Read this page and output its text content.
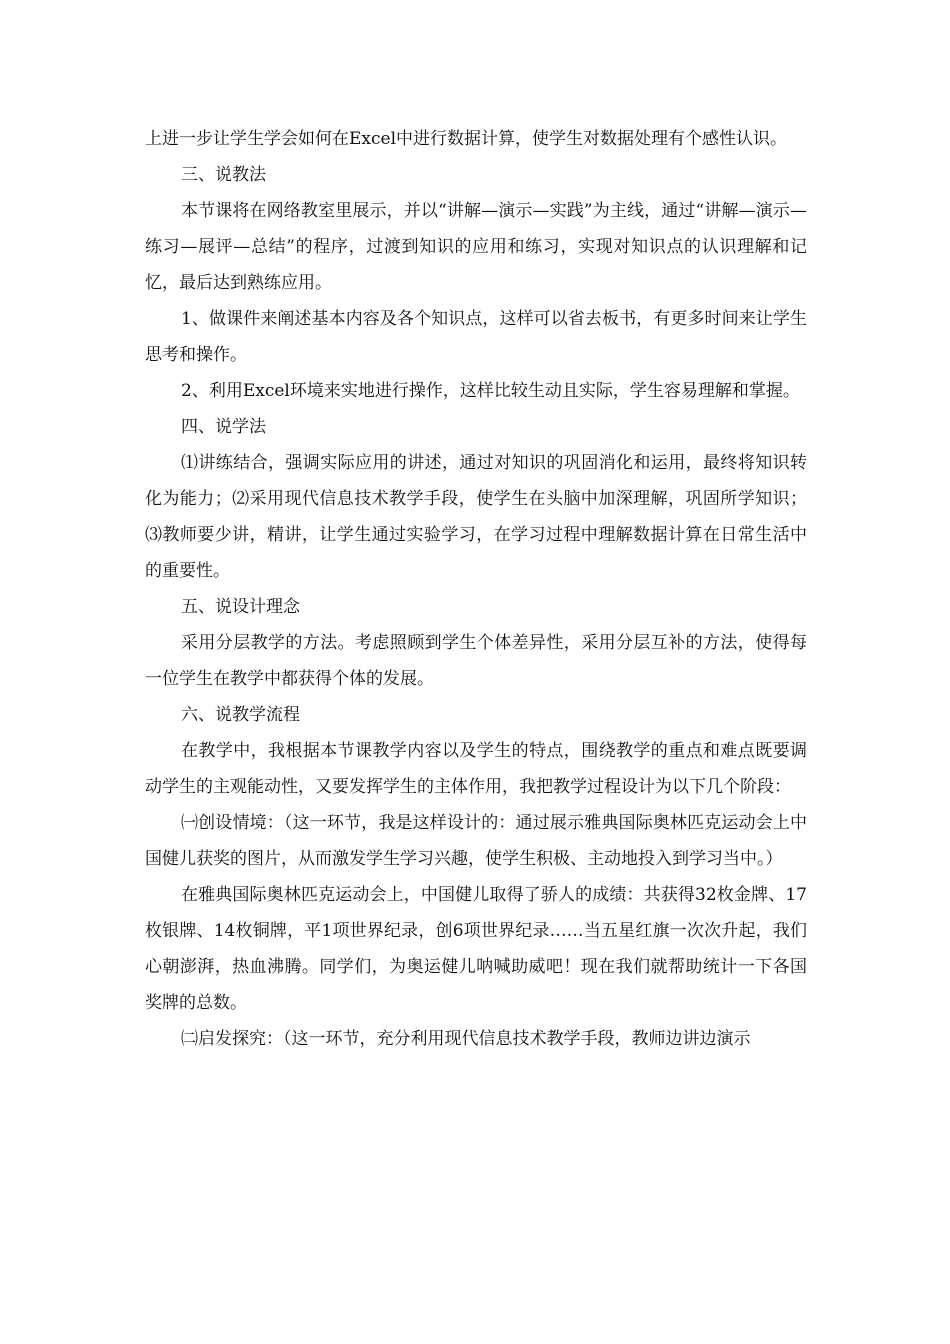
上进一步让学生学会如何在Excel中进行数据计算，使学生对数据处理有个感性认识。

三、说教法

本节课将在网络教室里展示，并以“讲解—演示—实践”为主线，通过“讲解—演示—练习—展评—总结”的程序，过渡到知识的应用和练习，实现对知识点的认识理解和记忆，最后达到熟练应用。

1、做课件来阐述基本内容及各个知识点，这样可以省去板书，有更多时间来让学生思考和操作。

2、利用Excel环境来实地进行操作，这样比较生动且实际，学生容易理解和掌握。

四、说学法

⑴讲练结合，强调实际应用的讲述，通过对知识的巩固消化和运用，最终将知识转化为能力；⑵采用现代信息技术教学手段，使学生在头脑中加深理解，巩固所学知识；⑶教师要少讲，精讲，让学生通过实验学习，在学习过程中理解数据计算在日常生活中的重要性。

五、说设计理念

采用分层教学的方法。考虑照顾到学生个体差异性，采用分层互补的方法，使得每一位学生在教学中都获得个体的发展。

六、说教学流程

在教学中，我根据本节课教学内容以及学生的特点，围绕教学的重点和难点既要调动学生的主观能动性，又要发挥学生的主体作用，我把教学过程设计为以下几个阶段：

㈠创设情境：（这一环节，我是这样设计的：通过展示雅典国际奥林匹克运动会上中国健儿获奖的图片，从而激发学生学习兴趣，使学生积极、主动地投入到学习当中。）

在雅典国际奥林匹克运动会上，中国健儿取得了骄人的成绩：共获得32枚金牌、17枚银牌、14枚铜牌，平1项世界纪录，创6项世界纪录……当五星红旗一次次升起，我们心朝澎湃，热血沸腾。同学们，为奥运健儿呐喊助威吧！现在我们就帮助统计一下各国奖牌的总数。

㈡启发探究：（这一环节，充分利用现代信息技术教学手段，教师边讲边演示
